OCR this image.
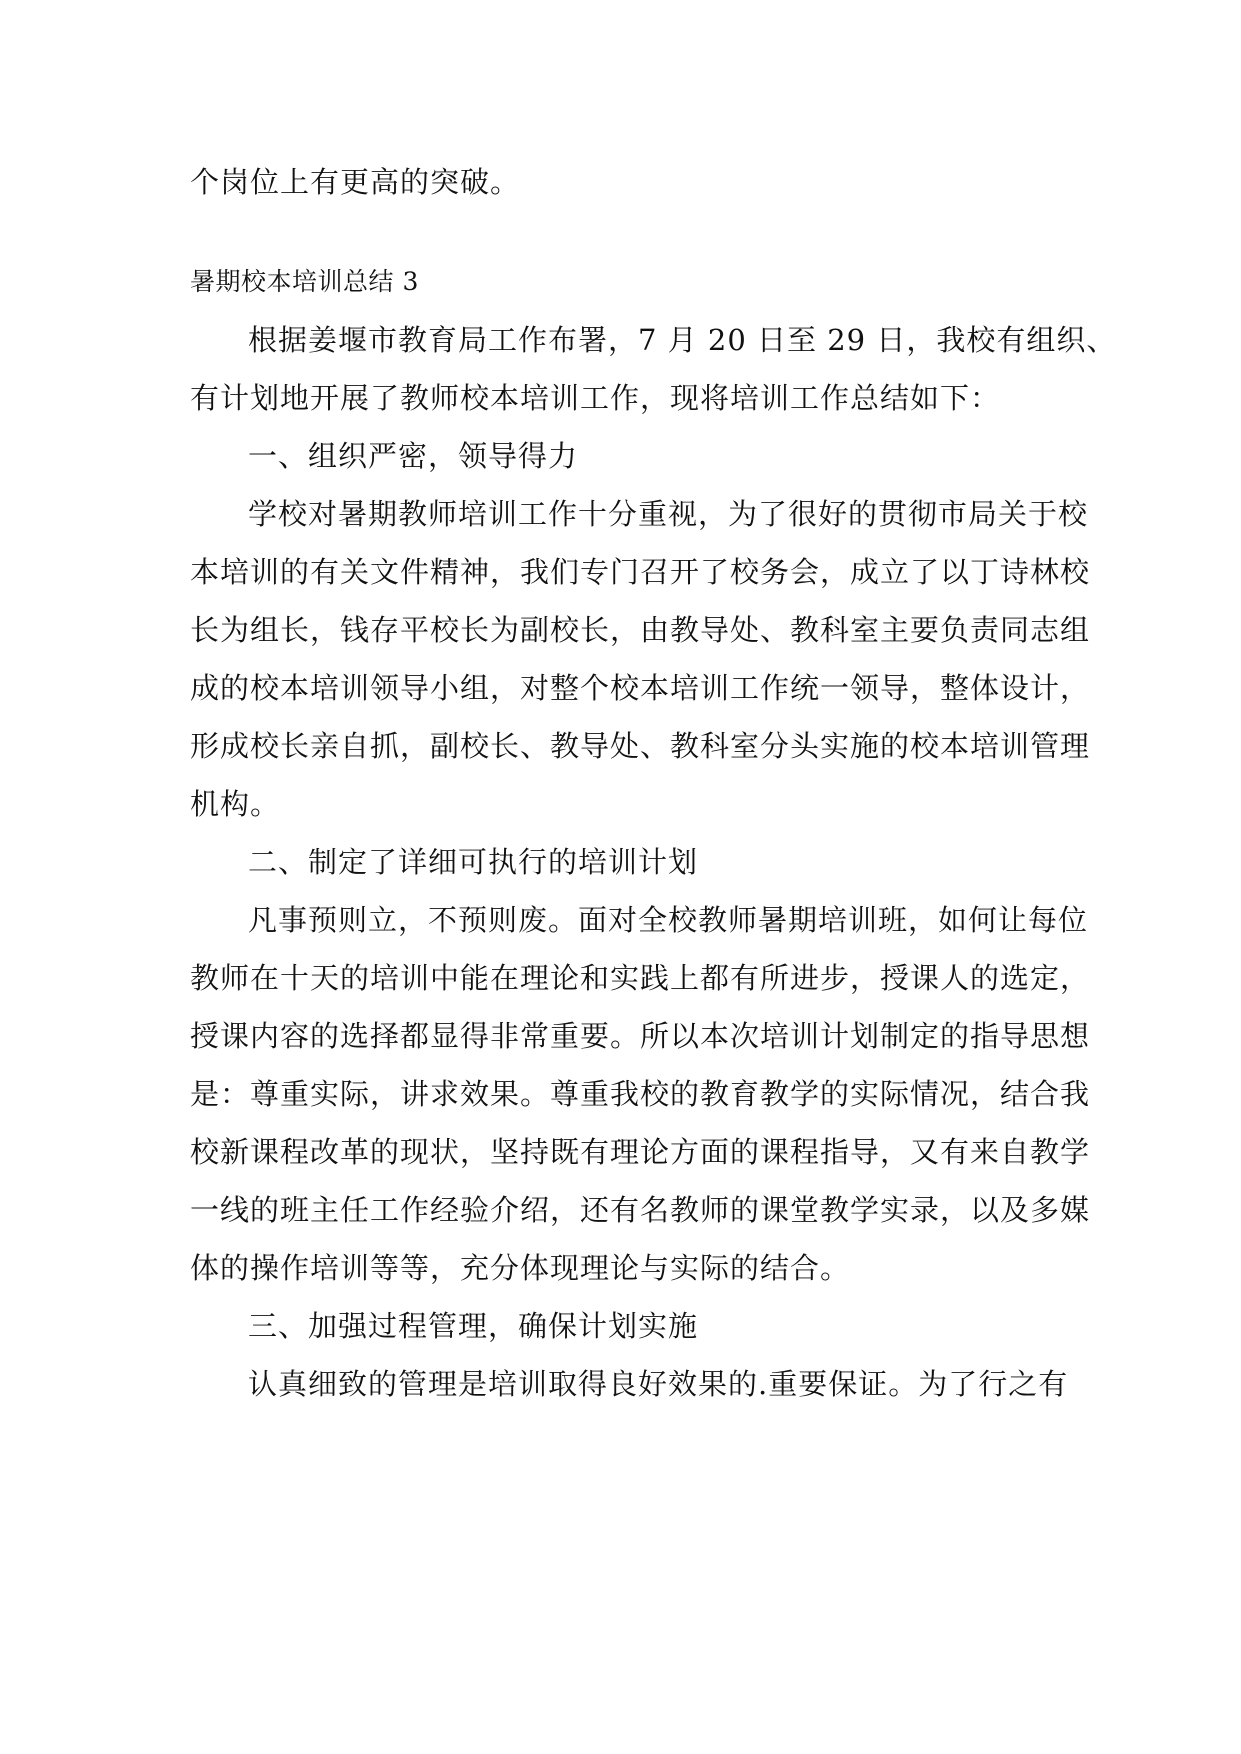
个岗位上有更高的突破。
暑期校本培训总结 3
根据姜堰市教育局工作布署，7 月 20 日至 29 日，我校有组织、
有计划地开展了教师校本培训工作，现将培训工作总结如下：
一、组织严密，领导得力
学校对暑期教师培训工作十分重视，为了很好的贯彻市局关于校
本培训的有关文件精神，我们专门召开了校务会，成立了以丁诗林校
长为组长，钱存平校长为副校长，由教导处、教科室主要负责同志组
成的校本培训领导小组，对整个校本培训工作统一领导，整体设计，
形成校长亲自抓，副校长、教导处、教科室分头实施的校本培训管理
机构。
二、制定了详细可执行的培训计划
凡事预则立，不预则废。面对全校教师暑期培训班，如何让每位
教师在十天的培训中能在理论和实践上都有所进步，授课人的选定，
授课内容的选择都显得非常重要。所以本次培训计划制定的指导思想
是：尊重实际，讲求效果。尊重我校的教育教学的实际情况，结合我
校新课程改革的现状，坚持既有理论方面的课程指导，又有来自教学
一线的班主任工作经验介绍，还有名教师的课堂教学实录，以及多媒
体的操作培训等等，充分体现理论与实际的结合。
三、加强过程管理，确保计划实施
认真细致的管理是培训取得良好效果的.重要保证。为了行之有
